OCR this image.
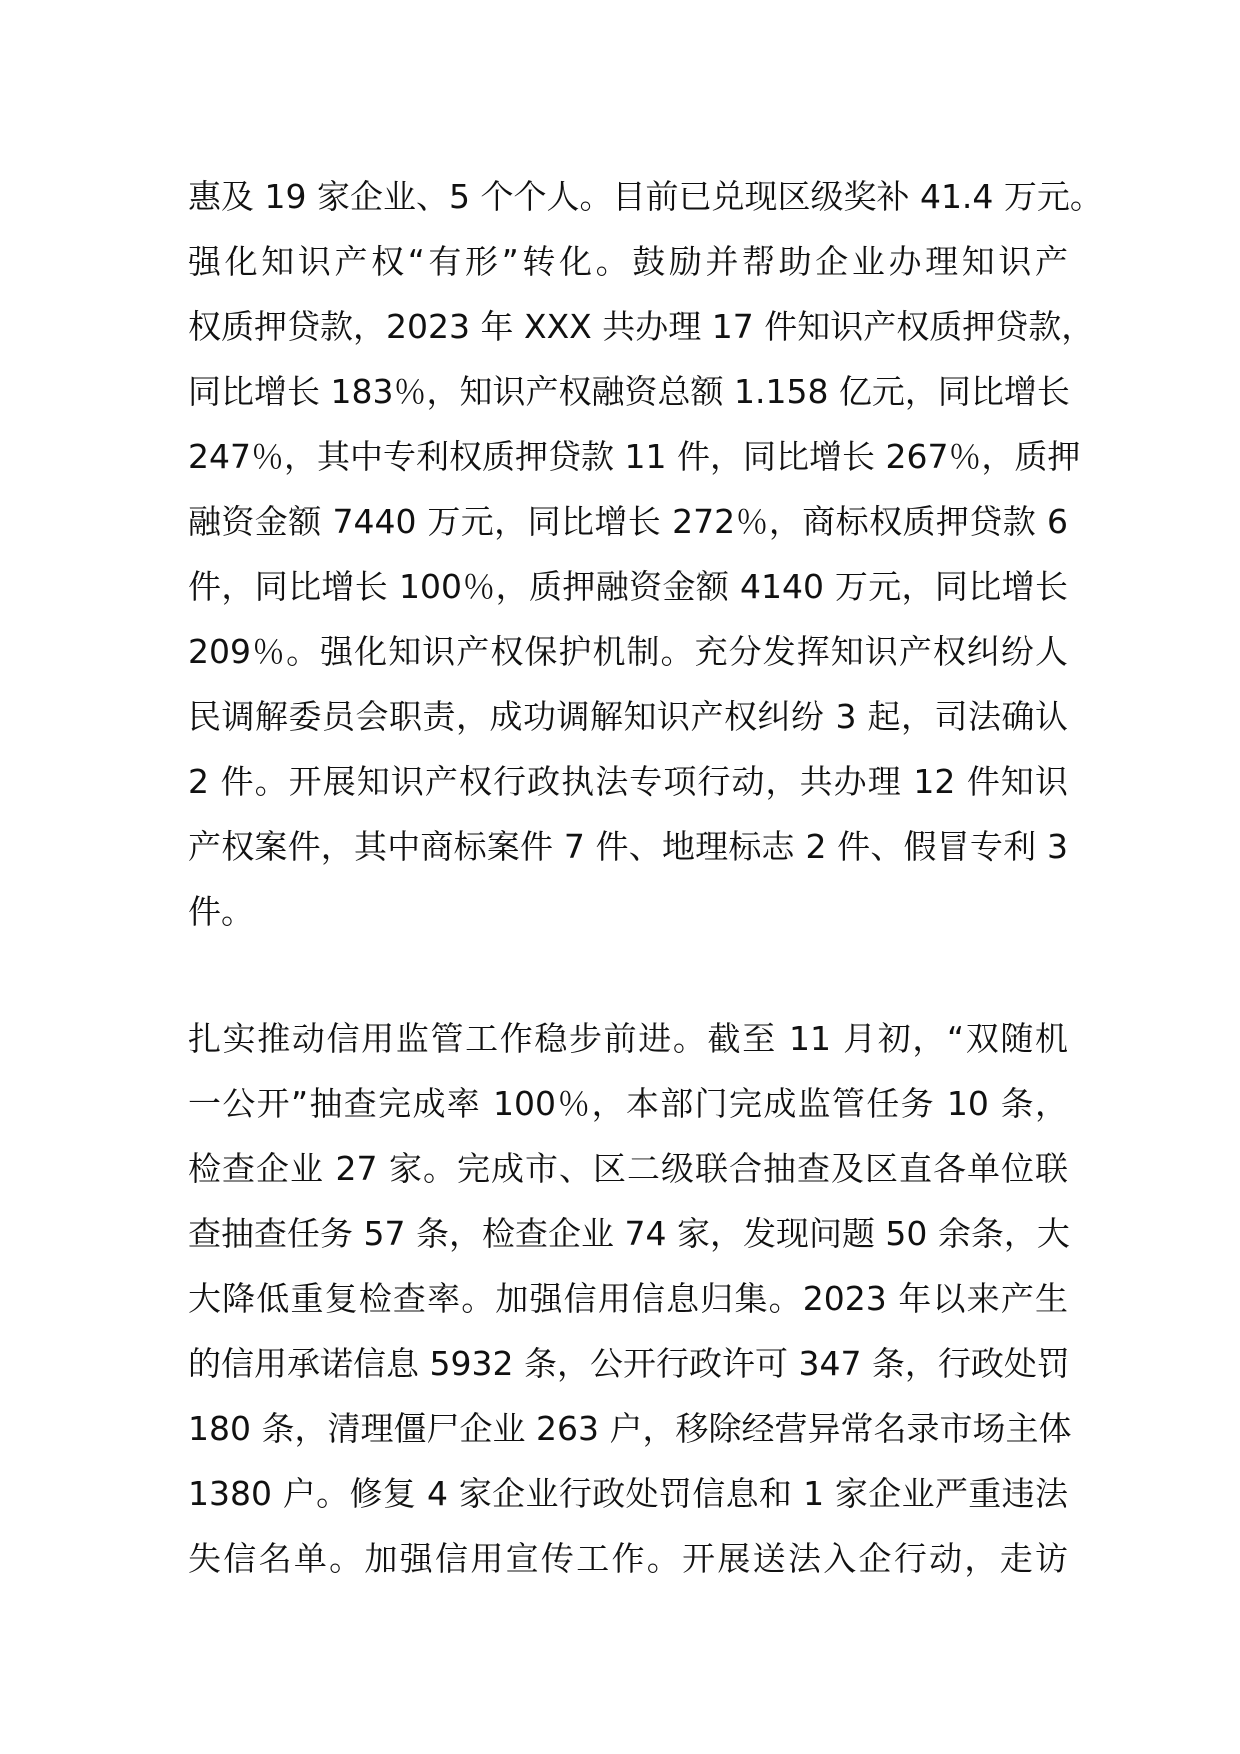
惠及 19 家企业、5 个个人。目前已兑现区级奖补 41.4 万元。
强化知识产权“有形”转化。鼓励并帮助企业办理知识产
权质押贷款，2023 年 XXX 共办理 17 件知识产权质押贷款，
同比增长 183％，知识产权融资总额 1.158 亿元，同比增长
247％，其中专利权质押贷款 11 件，同比增长 267％，质押
融资金额 7440 万元，同比增长 272％，商标权质押贷款 6
件，同比增长 100％，质押融资金额 4140 万元，同比增长
209％。强化知识产权保护机制。充分发挥知识产权纠纷人
民调解委员会职责，成功调解知识产权纠纷 3 起，司法确认
2 件。开展知识产权行政执法专项行动，共办理 12 件知识
产权案件，其中商标案件 7 件、地理标志 2 件、假冒专利 3
件。
扎实推动信用监管工作稳步前进。截至 11 月初，“双随机
一公开”抽查完成率 100％，本部门完成监管任务 10 条，
检查企业 27 家。完成市、区二级联合抽查及区直各单位联
查抽查任务 57 条，检查企业 74 家，发现问题 50 余条，大
大降低重复检查率。加强信用信息归集。2023 年以来产生
的信用承诺信息 5932 条，公开行政许可 347 条，行政处罚
180 条，清理僵尸企业 263 户，移除经营异常名录市场主体
1380 户。修复 4 家企业行政处罚信息和 1 家企业严重违法
失信名单。加强信用宣传工作。开展送法入企行动，走访
